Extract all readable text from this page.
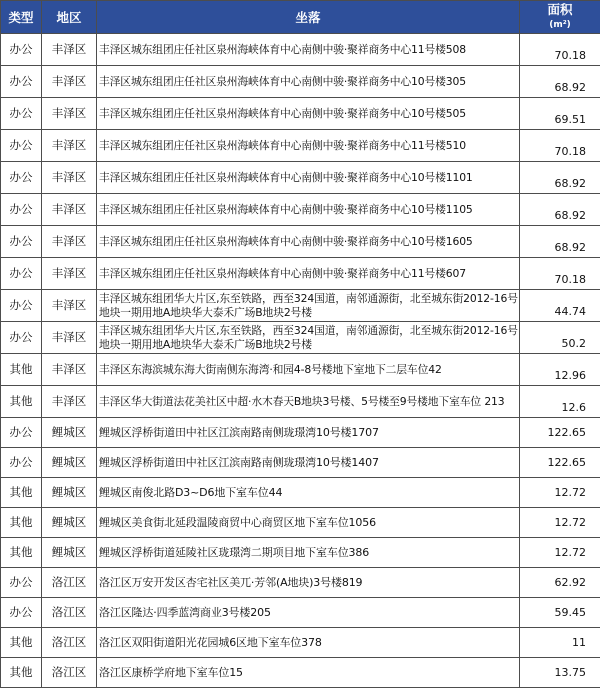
类型	地区	坐落	面积
(m²)
办公	丰泽区	丰泽区城东组团庄任社区泉州海峡体育中心南侧中骏·聚祥商务中心11号楼508	70.18
办公	丰泽区	丰泽区城东组团庄任社区泉州海峡体育中心南侧中骏·聚祥商务中心10号楼305	68.92
办公	丰泽区	丰泽区城东组团庄任社区泉州海峡体育中心南侧中骏·聚祥商务中心10号楼505	69.51
办公	丰泽区	丰泽区城东组团庄任社区泉州海峡体育中心南侧中骏·聚祥商务中心11号楼510	70.18
办公	丰泽区	丰泽区城东组团庄任社区泉州海峡体育中心南侧中骏·聚祥商务中心10号楼1101	68.92
办公	丰泽区	丰泽区城东组团庄任社区泉州海峡体育中心南侧中骏·聚祥商务中心10号楼1105	68.92
办公	丰泽区	丰泽区城东组团庄任社区泉州海峡体育中心南侧中骏·聚祥商务中心10号楼1605	68.92
办公	丰泽区	丰泽区城东组团庄任社区泉州海峡体育中心南侧中骏·聚祥商务中心11号楼607	70.18
办公	丰泽区	丰泽区城东组团华大片区,东至铁路，西至324国道，南邻通源街，北至城东街2012-16号地块一期用地A地块华大泰禾广场B地块2号楼	44.74
办公	丰泽区	丰泽区城东组团华大片区,东至铁路，西至324国道，南邻通源街，北至城东街2012-16号地块一期用地A地块华大泰禾广场B地块2号楼	50.2
其他	丰泽区	丰泽区东海滨城东海大街南侧东海湾·和园4-8号楼地下室地下二层车位42	12.96
其他	丰泽区	丰泽区华大街道法花美社区中超·水木春天B地块3号楼、5号楼至9号楼地下室车位 213	12.6
办公	鲤城区	鲤城区浮桥街道田中社区江滨南路南侧珑璟湾10号楼1707	122.65
办公	鲤城区	鲤城区浮桥街道田中社区江滨南路南侧珑璟湾10号楼1407	122.65
其他	鲤城区	鲤城区南俊北路D3~D6地下室车位44	12.72
其他	鲤城区	鲤城区美食街北延段温陵商贸中心商贸区地下室车位1056	12.72
其他	鲤城区	鲤城区浮桥街道延陵社区珑璟湾二期项目地下室车位386	12.72
办公	洛江区	洛江区万安开发区杏宅社区美兀·芳邻(A地块)3号楼819	62.92
办公	洛江区	洛江区隆达·四季蓝湾商业3号楼205	59.45
其他	洛江区	洛江区双阳街道阳光花园城6区地下室车位378	11
其他	洛江区	洛江区康桥学府地下室车位15	13.75
